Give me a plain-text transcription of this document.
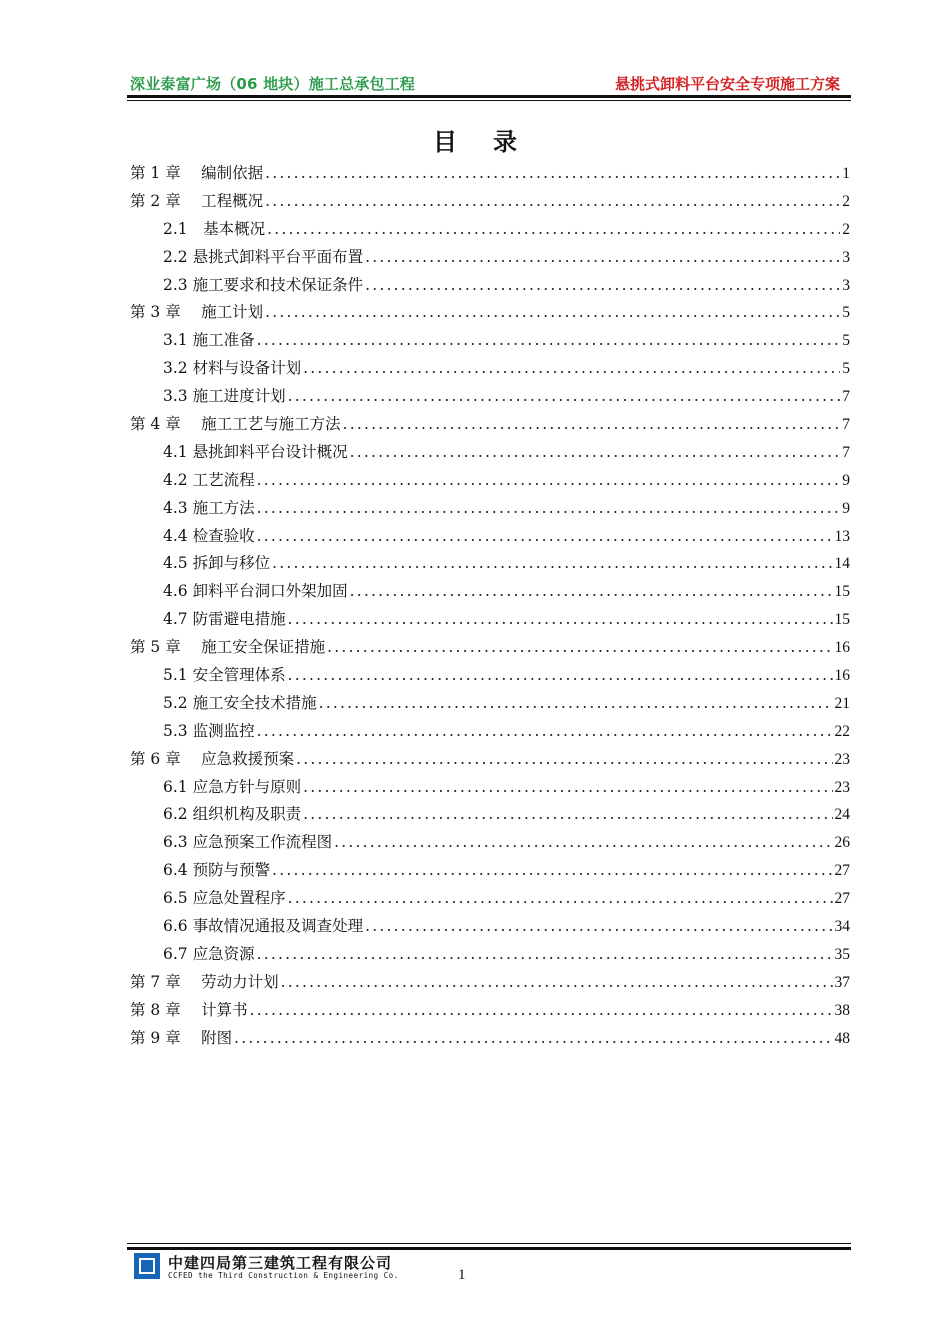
深业泰富广场（06 地块）施工总承包工程	悬挑式卸料平台安全专项施工方案
目录
第 1 章　 编制依据 .....	1
第 2 章　 工程概况 .....	2
2.1　基本概况 .....	2
2.2 悬挑式卸料平台平面布置 .....	3
2.3 施工要求和技术保证条件 .....	3
第 3 章　 施工计划 .....	5
3.1 施工准备 .....	5
3.2 材料与设备计划 .....	5
3.3 施工进度计划 .....	7
第 4 章　 施工工艺与施工方法 .....	7
4.1 悬挑卸料平台设计概况 .....	7
4.2 工艺流程 .....	9
4.3 施工方法 .....	9
4.4 检查验收 .....	13
4.5 拆卸与移位 .....	14
4.6 卸料平台洞口外架加固 .....	15
4.7 防雷避电措施 .....	15
第 5 章　 施工安全保证措施 .....	16
5.1 安全管理体系 .....	16
5.2 施工安全技术措施 .....	21
5.3 监测监控 .....	22
第 6 章　 应急救援预案 .....	23
6.1 应急方针与原则 .....	23
6.2 组织机构及职责 .....	24
6.3 应急预案工作流程图 .....	26
6.4 预防与预警 .....	27
6.5 应急处置程序 .....	27
6.6 事故情况通报及调查处理 .....	34
6.7 应急资源 .....	35
第 7 章　 劳动力计划 .....	37
第 8 章　 计算书 .....	38
第 9 章　 附图 .....	48
中建四局第三建筑工程有限公司
CCFED the Third Construction & Engineering Co.	1
